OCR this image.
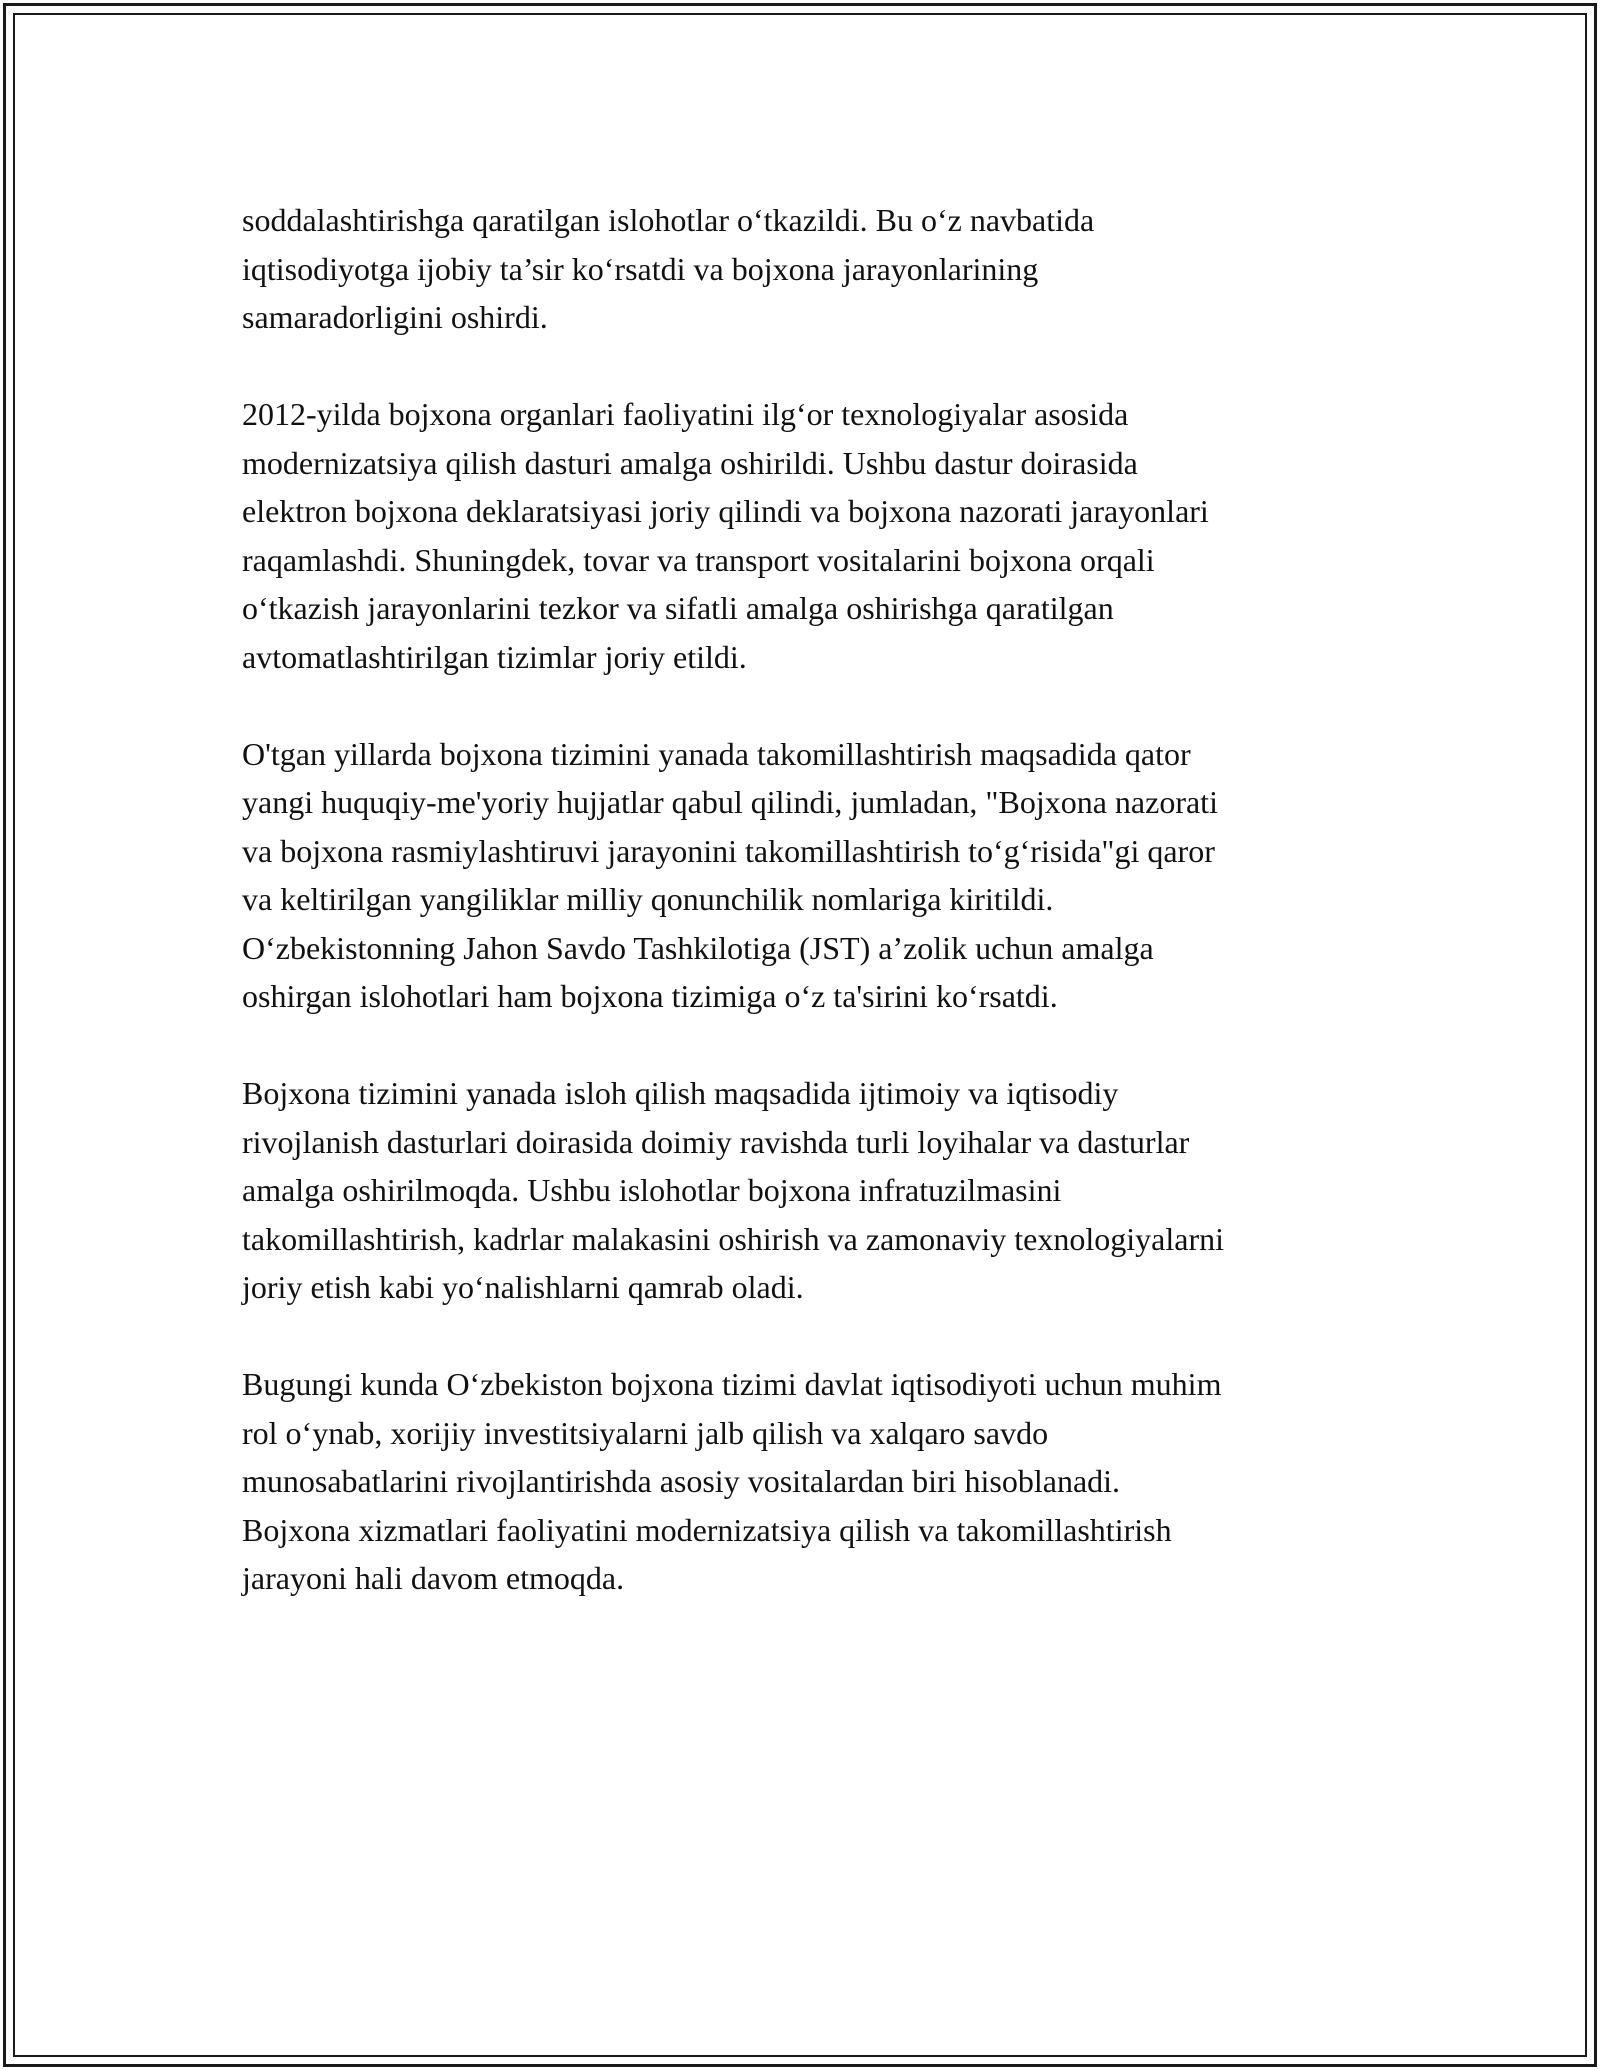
soddalashtirishga qaratilgan islohotlar o‘tkazildi. Bu o‘z navbatida
iqtisodiyotga ijobiy ta’sir ko‘rsatdi va bojxona jarayonlarining
samaradorligini oshirdi.

2012-yilda bojxona organlari faoliyatini ilg‘or texnologiyalar asosida
modernizatsiya qilish dasturi amalga oshirildi. Ushbu dastur doirasida
elektron bojxona deklaratsiyasi joriy qilindi va bojxona nazorati jarayonlari
raqamlashdi. Shuningdek, tovar va transport vositalarini bojxona orqali
o‘tkazish jarayonlarini tezkor va sifatli amalga oshirishga qaratilgan
avtomatlashtirilgan tizimlar joriy etildi.

O'tgan yillarda bojxona tizimini yanada takomillashtirish maqsadida qator
yangi huquqiy-me'yoriy hujjatlar qabul qilindi, jumladan, "Bojxona nazorati
va bojxona rasmiylashtiruvi jarayonini takomillashtirish to‘g‘risida"gi qaror
va keltirilgan yangiliklar milliy qonunchilik nomlariga kiritildi.
O‘zbekistonning Jahon Savdo Tashkilotiga (JST) a’zolik uchun amalga
oshirgan islohotlari ham bojxona tizimiga o‘z ta'sirini ko‘rsatdi.

Bojxona tizimini yanada isloh qilish maqsadida ijtimoiy va iqtisodiy
rivojlanish dasturlari doirasida doimiy ravishda turli loyihalar va dasturlar
amalga oshirilmoqda. Ushbu islohotlar bojxona infratuzilmasini
takomillashtirish, kadrlar malakasini oshirish va zamonaviy texnologiyalarni
joriy etish kabi yo‘nalishlarni qamrab oladi.

Bugungi kunda O‘zbekiston bojxona tizimi davlat iqtisodiyoti uchun muhim
rol o‘ynab, xorijiy investitsiyalarni jalb qilish va xalqaro savdo
munosabatlarini rivojlantirishda asosiy vositalardan biri hisoblanadi.
Bojxona xizmatlari faoliyatini modernizatsiya qilish va takomillashtirish
jarayoni hali davom etmoqda.
